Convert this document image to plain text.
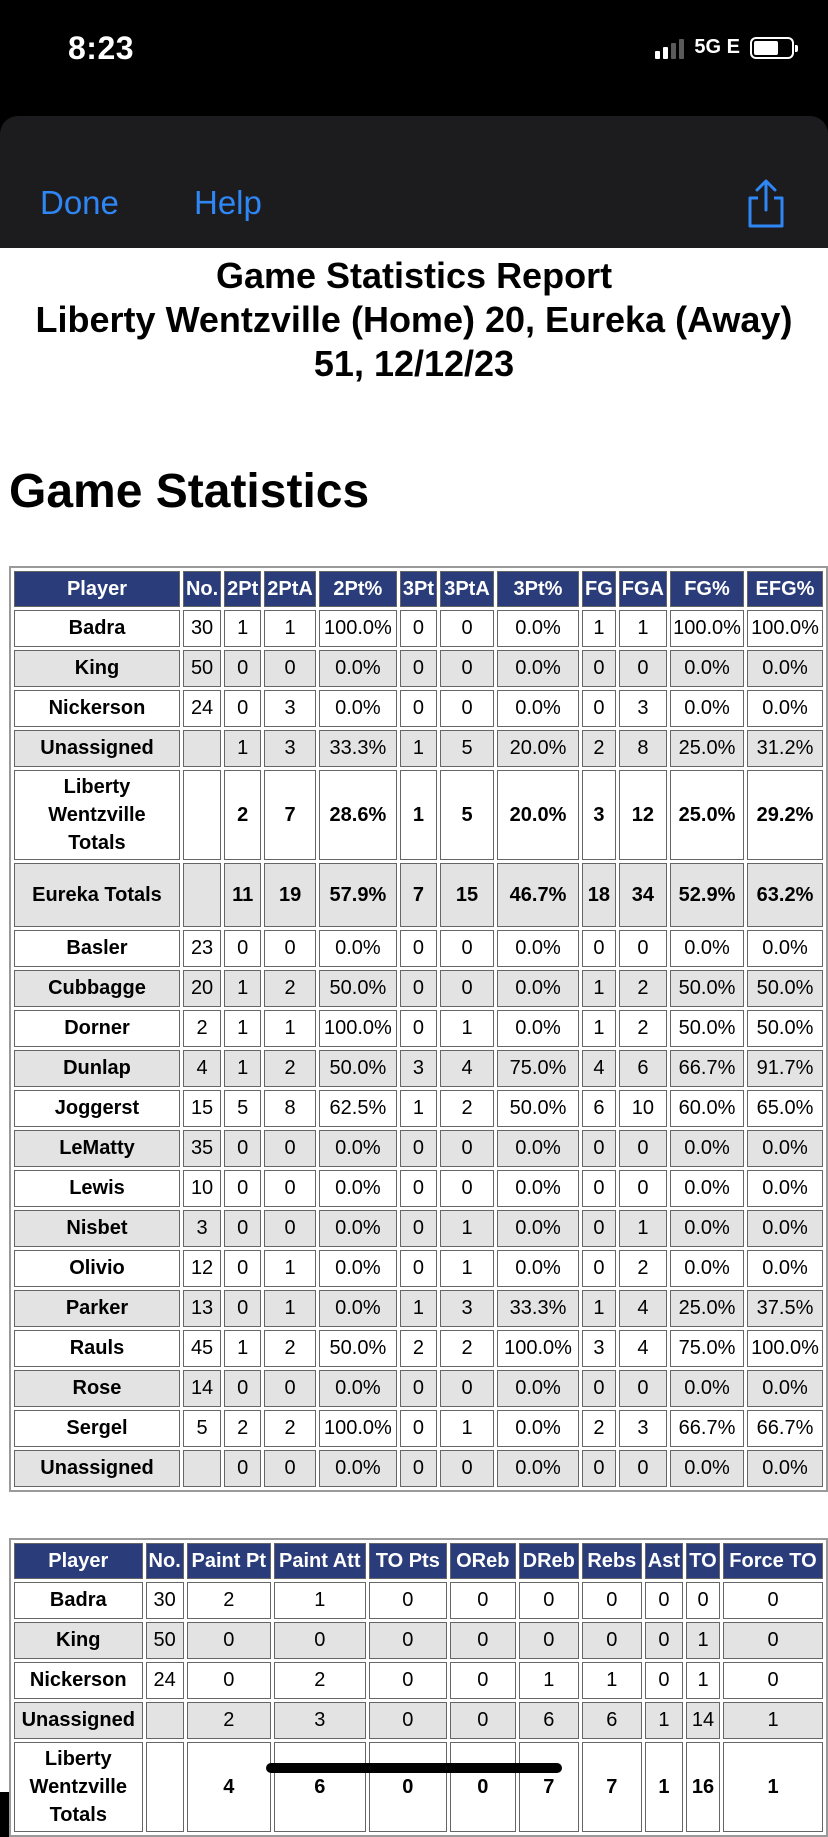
8:23	5G E
Done Help
Game Statistics Report
Liberty Wentzville (Home) 20, Eureka (Away) 51, 12/12/23
Game Statistics
Player	No.	2Pt	2PtA	2Pt%	3Pt	3PtA	3Pt%	FG	FGA	FG%	EFG%
Badra	30	1	1	100.0%	0	0	0.0%	1	1	100.0%	100.0%
King	50	0	0	0.0%	0	0	0.0%	0	0	0.0%	0.0%
Nickerson	24	0	3	0.0%	0	0	0.0%	0	3	0.0%	0.0%
Unassigned		1	3	33.3%	1	5	20.0%	2	8	25.0%	31.2%
Liberty Wentzville Totals		2	7	28.6%	1	5	20.0%	3	12	25.0%	29.2%
Eureka Totals		11	19	57.9%	7	15	46.7%	18	34	52.9%	63.2%
Basler	23	0	0	0.0%	0	0	0.0%	0	0	0.0%	0.0%
Cubbagge	20	1	2	50.0%	0	0	0.0%	1	2	50.0%	50.0%
Dorner	2	1	1	100.0%	0	1	0.0%	1	2	50.0%	50.0%
Dunlap	4	1	2	50.0%	3	4	75.0%	4	6	66.7%	91.7%
Joggerst	15	5	8	62.5%	1	2	50.0%	6	10	60.0%	65.0%
LeMatty	35	0	0	0.0%	0	0	0.0%	0	0	0.0%	0.0%
Lewis	10	0	0	0.0%	0	0	0.0%	0	0	0.0%	0.0%
Nisbet	3	0	0	0.0%	0	1	0.0%	0	1	0.0%	0.0%
Olivio	12	0	1	0.0%	0	1	0.0%	0	2	0.0%	0.0%
Parker	13	0	1	0.0%	1	3	33.3%	1	4	25.0%	37.5%
Rauls	45	1	2	50.0%	2	2	100.0%	3	4	75.0%	100.0%
Rose	14	0	0	0.0%	0	0	0.0%	0	0	0.0%	0.0%
Sergel	5	2	2	100.0%	0	1	0.0%	2	3	66.7%	66.7%
Unassigned		0	0	0.0%	0	0	0.0%	0	0	0.0%	0.0%
Player	No.	Paint Pt	Paint Att	TO Pts	OReb	DReb	Rebs	Ast	TO	Force TO
Badra	30	2	1	0	0	0	0	0	0	0
King	50	0	0	0	0	0	0	0	1	0
Nickerson	24	0	2	0	0	1	1	0	1	0
Unassigned		2	3	0	0	6	6	1	14	1
Liberty Wentzville Totals		4	6	0	0	7	7	1	16	1
